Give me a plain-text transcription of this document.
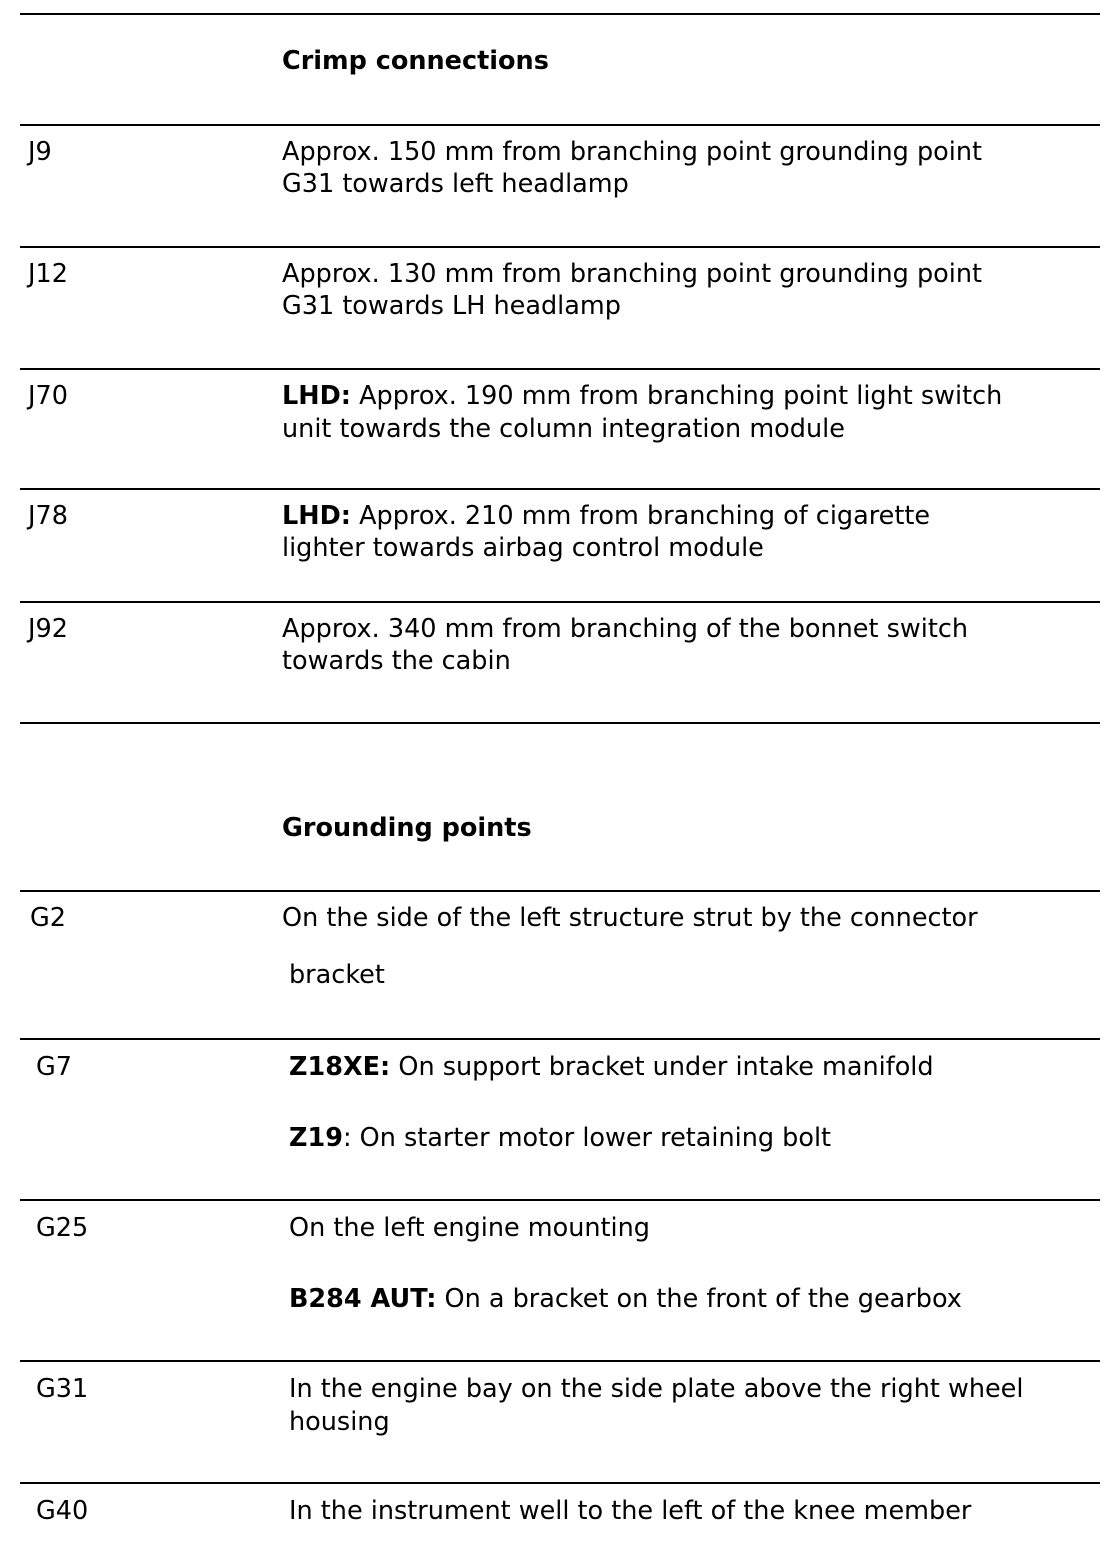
Crimp connections
J9	Approx. 150 mm from branching point grounding point
G31 towards left headlamp
J12	Approx. 130 mm from branching point grounding point
G31 towards LH headlamp
J70	LHD: Approx. 190 mm from branching point light switch
unit towards the column integration module
J78	LHD: Approx. 210 mm from branching of cigarette
lighter towards airbag control module
J92	Approx. 340 mm from branching of the bonnet switch
towards the cabin
Grounding points
G2	On the side of the left structure strut by the connector
bracket
G7	Z18XE: On support bracket under intake manifold
Z19: On starter motor lower retaining bolt
G25	On the left engine mounting
B284 AUT: On a bracket on the front of the gearbox
G31	In the engine bay on the side plate above the right wheel
housing
G40	In the instrument well to the left of the knee member
